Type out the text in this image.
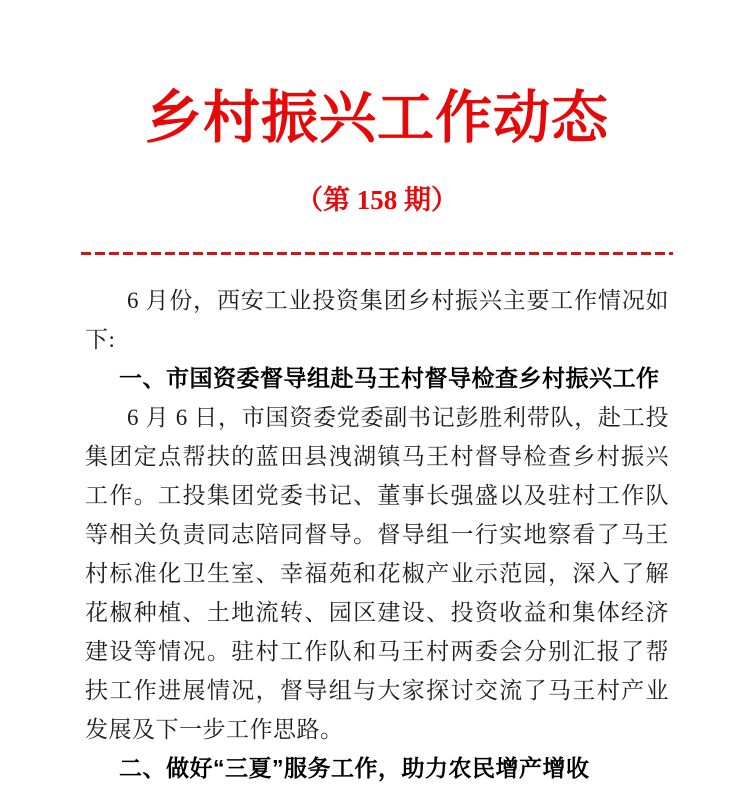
乡村振兴工作动态
（第 158 期）

6 月份，西安工业投资集团乡村振兴主要工作情况如下:

一、市国资委督导组赴马王村督导检查乡村振兴工作

6 月 6 日，市国资委党委副书记彭胜利带队，赴工投集团定点帮扶的蓝田县洩湖镇马王村督导检查乡村振兴工作。工投集团党委书记、董事长强盛以及驻村工作队等相关负责同志陪同督导。督导组一行实地察看了马王村标准化卫生室、幸福苑和花椒产业示范园，深入了解花椒种植、土地流转、园区建设、投资收益和集体经济建设等情况。驻村工作队和马王村两委会分别汇报了帮扶工作进展情况，督导组与大家探讨交流了马王村产业发展及下一步工作思路。

二、做好“三夏”服务工作，助力农民增产增收
